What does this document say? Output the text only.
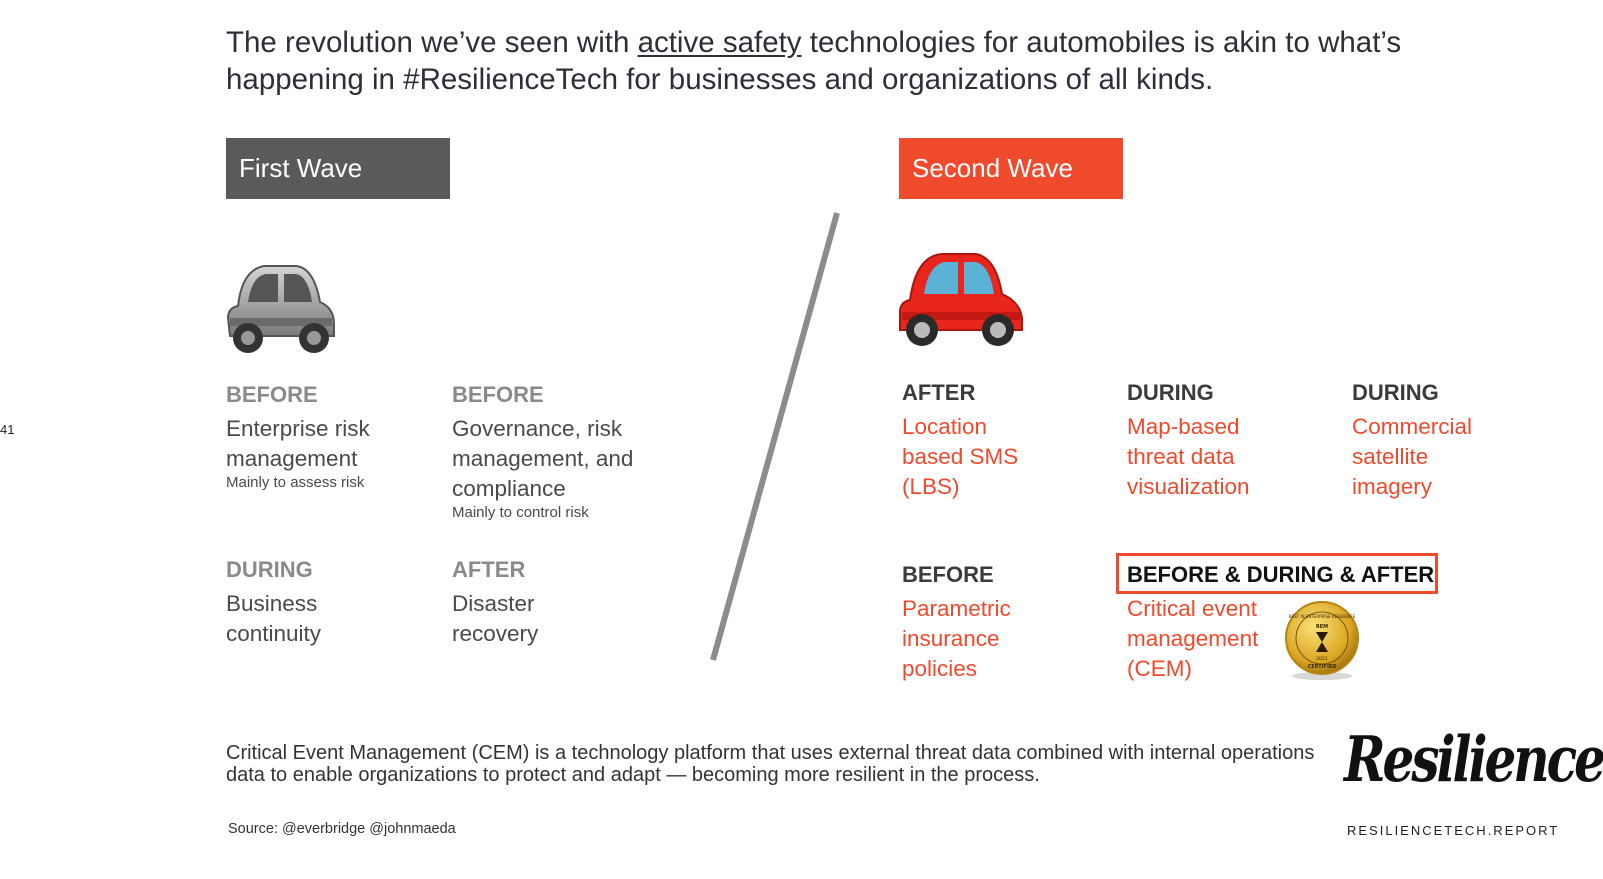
The revolution we’ve seen with active safety technologies for automobiles is akin to what’s happening in #ResilienceTech for businesses and organizations of all kinds.
41
First Wave
BEFORE
Enterprise risk management
Mainly to assess risk
BEFORE
Governance, risk management, and compliance
Mainly to control risk
DURING
Business continuity
AFTER
Disaster recovery
Second Wave
AFTER
Location based SMS (LBS)
DURING
Map-based threat data visualization
DURING
Commercial satellite imagery
BEFORE
Parametric insurance policies
BEFORE & DURING & AFTER
Critical event management (CEM)
BEST IN ENTERPRISE RESILIENCE
REM
2021
CERTIFIED
Critical Event Management (CEM) is a technology platform that uses external threat data combined with internal operations data to enable organizations to protect and adapt — becoming more resilient in the process.
Source: @everbridge @johnmaeda
Resilience
RESILIENCETECH.REPORT
